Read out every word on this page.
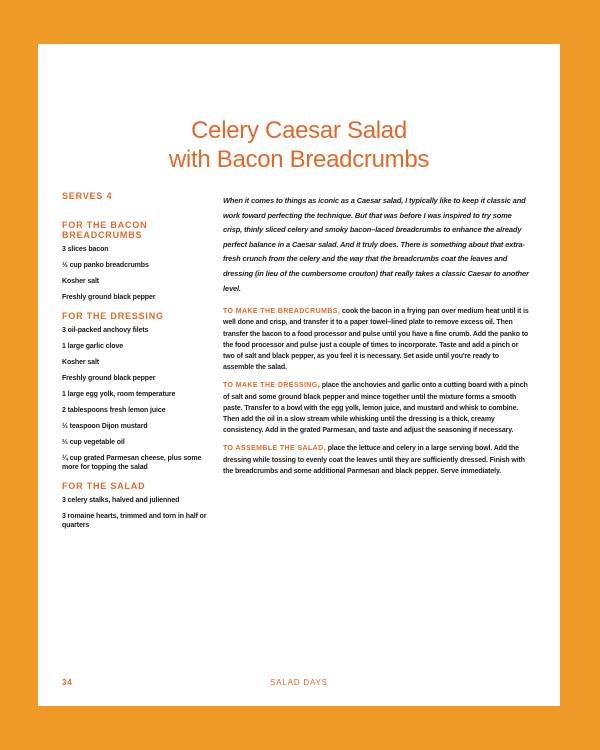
Celery Caesar Salad
with Bacon Breadcrumbs
SERVES 4
FOR THE BACON
BREADCRUMBS
3 slices bacon
½ cup panko breadcrumbs
Kosher salt
Freshly ground black pepper
FOR THE DRESSING
3 oil-packed anchovy filets
1 large garlic clove
Kosher salt
Freshly ground black pepper
1 large egg yolk, room temperature
2 tablespoons fresh lemon juice
½ teaspoon Dijon mustard
⅔ cup vegetable oil
¼ cup grated Parmesan cheese, plus some more for topping the salad
FOR THE SALAD
3 celery stalks, halved and julienned
3 romaine hearts, trimmed and torn in half or quarters

When it comes to things as iconic as a Caesar salad, I typically like to keep it classic and work toward perfecting the technique. But that was before I was inspired to try some crisp, thinly sliced celery and smoky bacon–laced breadcrumbs to enhance the already perfect balance in a Caesar salad. And it truly does. There is something about that extra-fresh crunch from the celery and the way that the breadcrumbs coat the leaves and dressing (in lieu of the cumbersome crouton) that really takes a classic Caesar to another level.

TO MAKE THE BREADCRUMBS, cook the bacon in a frying pan over medium heat until it is well done and crisp, and transfer it to a paper towel–lined plate to remove excess oil. Then transfer the bacon to a food processor and pulse until you have a fine crumb. Add the panko to the food processor and pulse just a couple of times to incorporate. Taste and add a pinch or two of salt and black pepper, as you feel it is necessary. Set aside until you're ready to assemble the salad.

TO MAKE THE DRESSING, place the anchovies and garlic onto a cutting board with a pinch of salt and some ground black pepper and mince together until the mixture forms a smooth paste. Transfer to a bowl with the egg yolk, lemon juice, and mustard and whisk to combine. Then add the oil in a slow stream while whisking until the dressing is a thick, creamy consistency. Add in the grated Parmesan, and taste and adjust the seasoning if necessary.

TO ASSEMBLE THE SALAD, place the lettuce and celery in a large serving bowl. Add the dressing while tossing to evenly coat the leaves until they are sufficiently dressed. Finish with the breadcrumbs and some additional Parmesan and black pepper. Serve immediately.

34	SALAD DAYS
